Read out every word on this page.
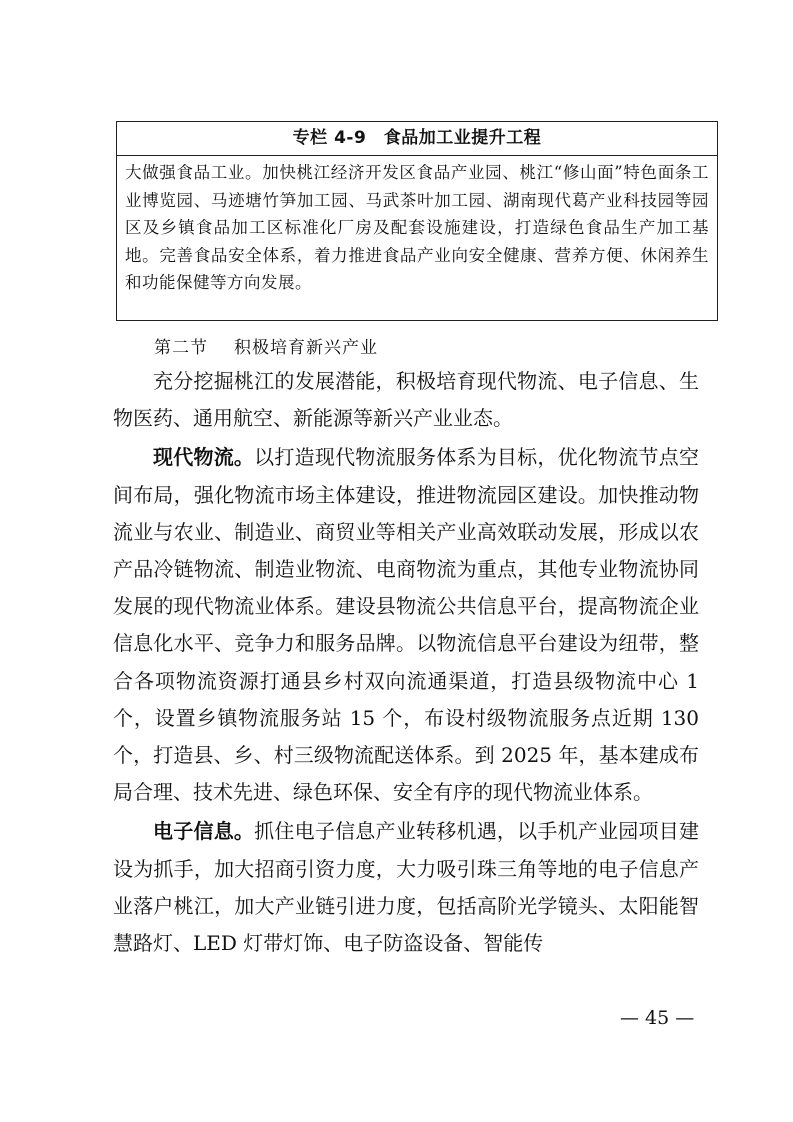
专栏 4-9　食品加工业提升工程
大做强食品工业。加快桃江经济开发区食品产业园、桃江“修山面”特色面条工业博览园、马迹塘竹笋加工园、马武茶叶加工园、湖南现代葛产业科技园等园区及乡镇食品加工区标准化厂房及配套设施建设，打造绿色食品生产加工基地。完善食品安全体系，着力推进食品产业向安全健康、营养方便、休闲养生和功能保健等方向发展。
第二节 积极培育新兴产业

充分挖掘桃江的发展潜能，积极培育现代物流、电子信息、生物医药、通用航空、新能源等新兴产业业态。

现代物流。以打造现代物流服务体系为目标，优化物流节点空间布局，强化物流市场主体建设，推进物流园区建设。加快推动物流业与农业、制造业、商贸业等相关产业高效联动发展，形成以农产品冷链物流、制造业物流、电商物流为重点，其他专业物流协同发展的现代物流业体系。建设县物流公共信息平台，提高物流企业信息化水平、竞争力和服务品牌。以物流信息平台建设为纽带，整合各项物流资源打通县乡村双向流通渠道，打造县级物流中心 1 个，设置乡镇物流服务站 15 个，布设村级物流服务点近期 130 个，打造县、乡、村三级物流配送体系。到 2025 年，基本建成布局合理、技术先进、绿色环保、安全有序的现代物流业体系。

电子信息。抓住电子信息产业转移机遇，以手机产业园项目建设为抓手，加大招商引资力度，大力吸引珠三角等地的电子信息产业落户桃江，加大产业链引进力度，包括高阶光学镜头、太阳能智慧路灯、LED 灯带灯饰、电子防盗设备、智能传

— 45 —
